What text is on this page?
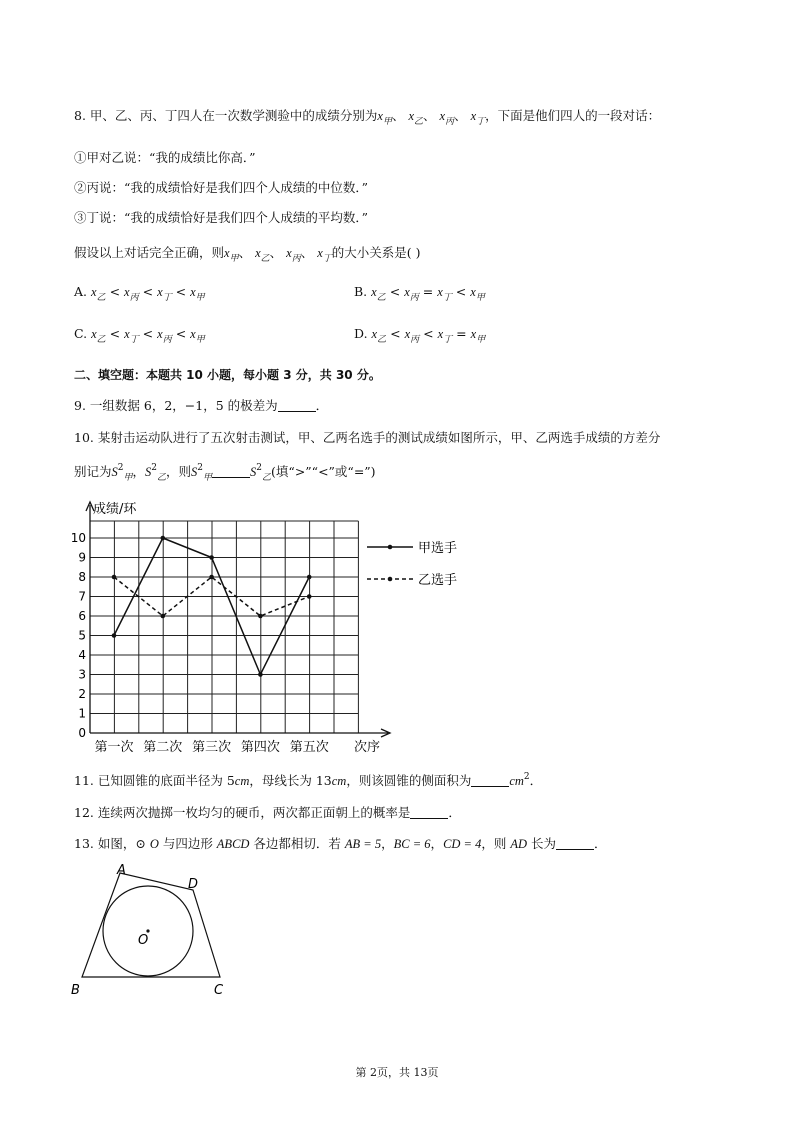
8. 甲、乙、丙、丁四人在一次数学测验中的成绩分别为$x_甲$、 $x_乙$、 $x_丙$、 $x_丁$，下面是他们四人的一段对话：
①甲对乙说：“我的成绩比你高．”
②丙说：“我的成绩恰好是我们四个人成绩的中位数．”
③丁说：“我的成绩恰好是我们四个人成绩的平均数．”
假设以上对话完全正确，则$x_甲$、 $x_乙$、 $x_丙$、 $x_丁$的大小关系是( )
A. $x_乙 < x_丙 < x_丁 < x_甲$	B. $x_乙 < x_丙 = x_丁 < x_甲$
C. $x_乙 < x_丁 < x_丙 < x_甲$	D. $x_乙 < x_丙 < x_丁 = x_甲$
二、填空题：本题共 10 小题，每小题 3 分，共 30 分。
9. 一组数据 6，2，−1，5 的极差为	．
10. 某射击运动队进行了五次射击测试，甲、乙两名选手的测试成绩如图所示，甲、乙两选手成绩的方差分
别记为$S^2_甲$，$S^2_乙$，则$S^2_甲$	$S^2_乙$(填“>”“<”或“=”)
成绩/环
0
1
2
3
4
5
6
7
8
9
10
第一次 第二次 第三次 第四次 第五次 次序
甲选手
乙选手
11. 已知圆锥的底面半径为 5cm，母线长为 13cm，则该圆锥的侧面积为	$cm^2$．
12. 连续两次抛掷一枚均匀的硬币，两次都正面朝上的概率是	．
13. 如图，⊙ O 与四边形 ABCD 各边都相切．若 AB = 5，BC = 6，CD = 4，则 AD 长为	．
A
D
O
B	C
第 2页，共 13页
